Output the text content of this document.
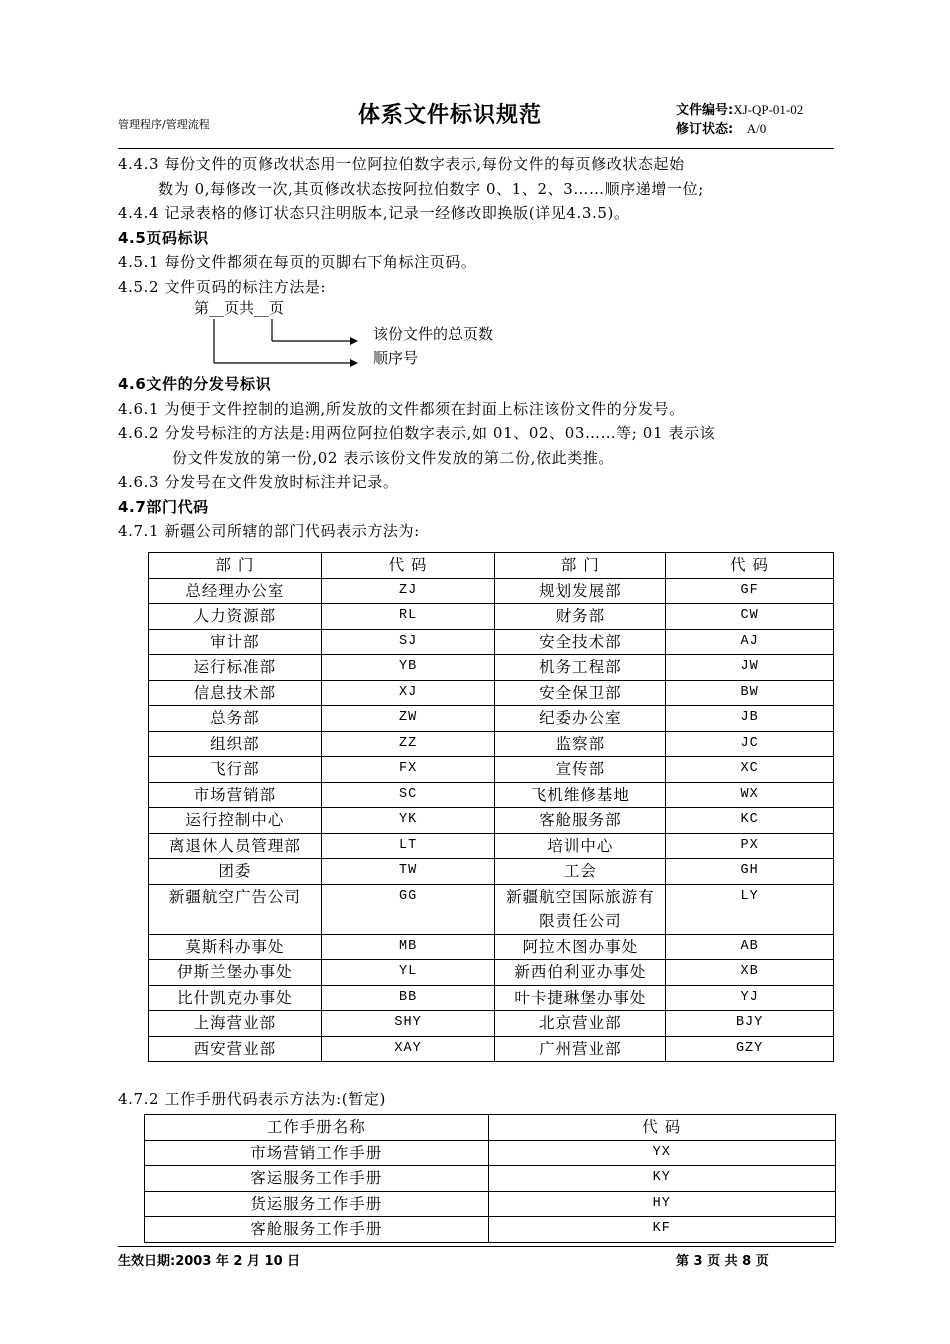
管理程序/管理流程	体系文件标识规范	文件编号:XJ-QP-01-02
修订状态: A/0
4.4.3 每份文件的页修改状态用一位阿拉伯数字表示,每份文件的每页修改状态起始
数为 0,每修改一次,其页修改状态按阿拉伯数字 0、1、2、3……顺序递增一位;
4.4.4 记录表格的修订状态只注明版本,记录一经修改即换版(详见4.3.5)。
4.5页码标识
4.5.1 每份文件都须在每页的页脚右下角标注页码。
4.5.2 文件页码的标注方法是:
第__页共__页
该份文件的总页数
顺序号
4.6文件的分发号标识
4.6.1 为便于文件控制的追溯,所发放的文件都须在封面上标注该份文件的分发号。
4.6.2 分发号标注的方法是:用两位阿拉伯数字表示,如 01、02、03……等; 01 表示该
份文件发放的第一份,02 表示该份文件发放的第二份,依此类推。
4.6.3 分发号在文件发放时标注并记录。
4.7部门代码
4.7.1 新疆公司所辖的部门代码表示方法为:
部 门	代 码	部 门	代 码
总经理办公室	ZJ	规划发展部	GF
人力资源部	RL	财务部	CW
审计部	SJ	安全技术部	AJ
运行标准部	YB	机务工程部	JW
信息技术部	XJ	安全保卫部	BW
总务部	ZW	纪委办公室	JB
组织部	ZZ	监察部	JC
飞行部	FX	宣传部	XC
市场营销部	SC	飞机维修基地	WX
运行控制中心	YK	客舱服务部	KC
离退休人员管理部	LT	培训中心	PX
团委	TW	工会	GH
新疆航空广告公司	GG	新疆航空国际旅游有限责任公司	LY
莫斯科办事处	MB	阿拉木图办事处	AB
伊斯兰堡办事处	YL	新西伯利亚办事处	XB
比什凯克办事处	BB	叶卡捷琳堡办事处	YJ
上海营业部	SHY	北京营业部	BJY
西安营业部	XAY	广州营业部	GZY
4.7.2 工作手册代码表示方法为:(暂定)
工作手册名称	代 码
市场营销工作手册	YX
客运服务工作手册	KY
货运服务工作手册	HY
客舱服务工作手册	KF
生效日期:2003 年 2 月 10 日	第 3 页 共 8 页
